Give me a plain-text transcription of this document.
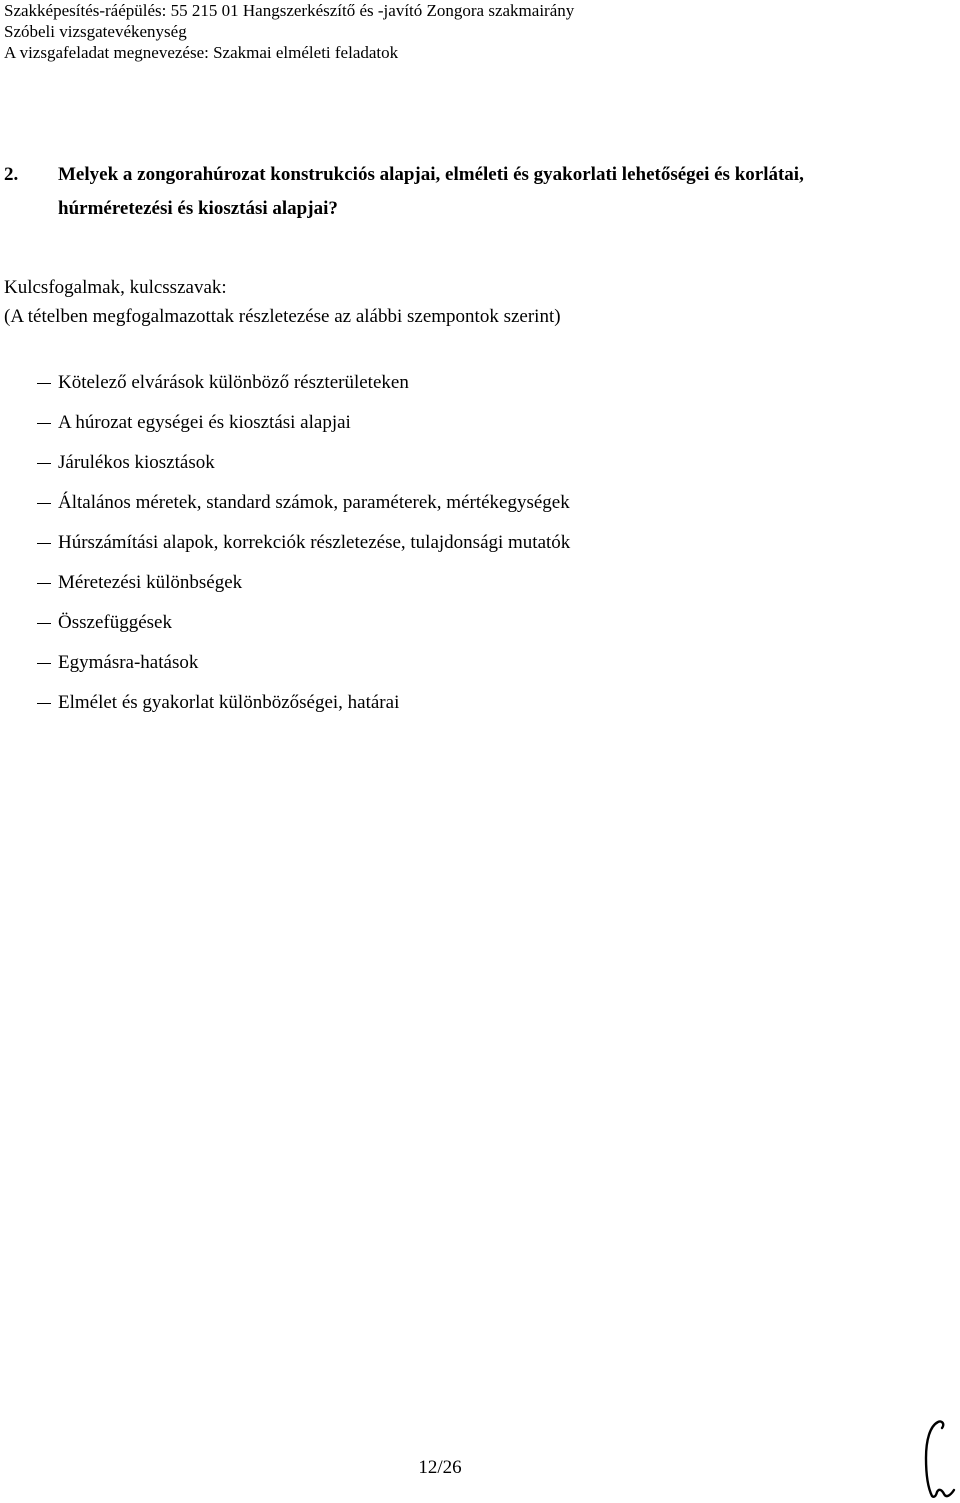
Szakképesítés-ráépülés: 55 215 01 Hangszerkészítő és -javító Zongora szakmairány
Szóbeli vizsgatevékenység
A vizsgafeladat megnevezése: Szakmai elméleti feladatok
2. Melyek a zongorahúrozat konstrukciós alapjai, elméleti és gyakorlati lehetőségei és korlátai, húrméretezési és kiosztási alapjai?
Kulcsfogalmak, kulcsszavak:
(A tételben megfogalmazottak részletezése az alábbi szempontok szerint)
Kötelező elvárások különböző részterületeken
A húrozat egységei és kiosztási alapjai
Járulékos kiosztások
Általános méretek, standard számok, paraméterek, mértékegységek
Húrszámítási alapok, korrekciók részletezése, tulajdonsági mutatók
Méretezési különbségek
Összefüggések
Egymásra-hatások
Elmélet és gyakorlat különbözőségei, határai
12/26
